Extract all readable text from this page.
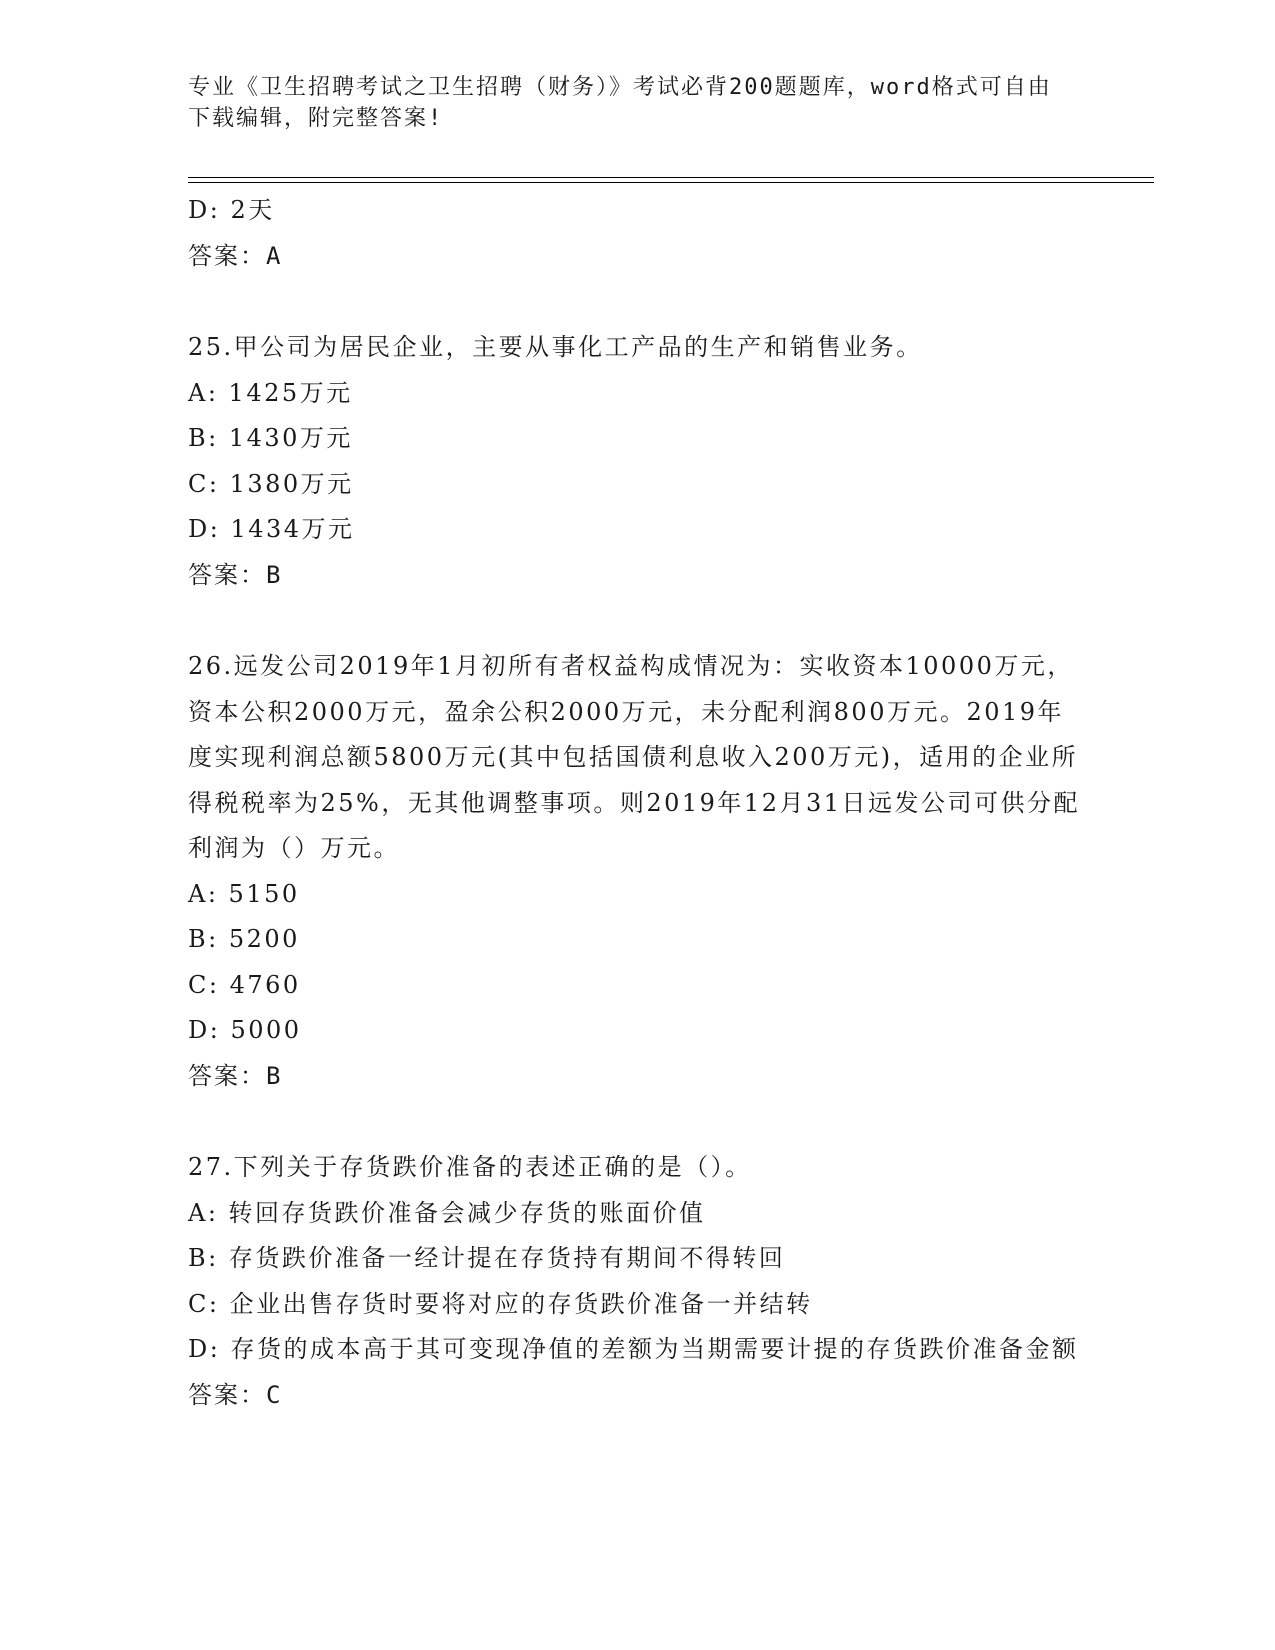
专业《卫生招聘考试之卫生招聘（财务）》考试必背200题题库，word格式可自由下载编辑，附完整答案!
D: 2天
答案：A
25.甲公司为居民企业，主要从事化工产品的生产和销售业务。
A: 1425万元
B: 1430万元
C: 1380万元
D: 1434万元
答案：B

26.远发公司2019年1月初所有者权益构成情况为：实收资本10000万元，资本公积2000万元，盈余公积2000万元，未分配利润800万元。2019年度实现利润总额5800万元(其中包括国债利息收入200万元)，适用的企业所得税税率为25%，无其他调整事项。则2019年12月31日远发公司可供分配利润为（）万元。

A: 5150
B: 5200
C: 4760
D: 5000
答案：B
27.下列关于存货跌价准备的表述正确的是（）。
A: 转回存货跌价准备会减少存货的账面价值
B: 存货跌价准备一经计提在存货持有期间不得转回
C: 企业出售存货时要将对应的存货跌价准备一并结转

D: 存货的成本高于其可变现净值的差额为当期需要计提的存货跌价准备金额

答案：C
